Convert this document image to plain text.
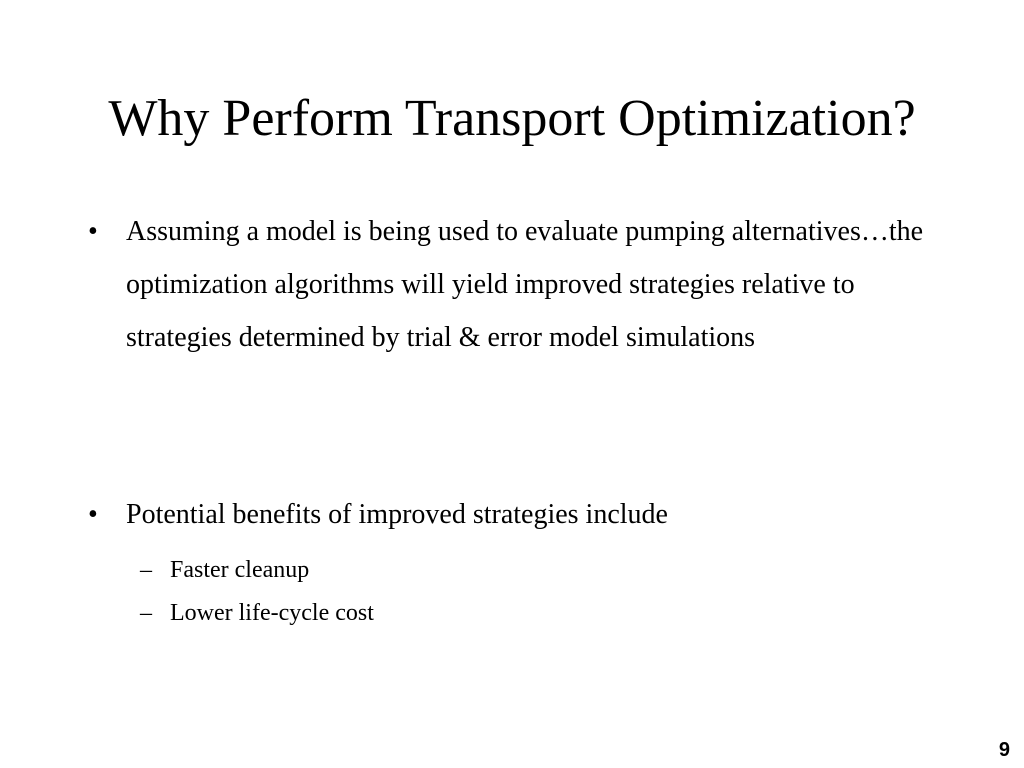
Why Perform Transport Optimization?
•	Assuming a model is being used to evaluate pumping alternatives…the optimization algorithms will yield improved strategies relative to strategies determined by trial & error model simulations
•	Potential benefits of improved strategies include
– Faster cleanup
– Lower life-cycle cost
9
